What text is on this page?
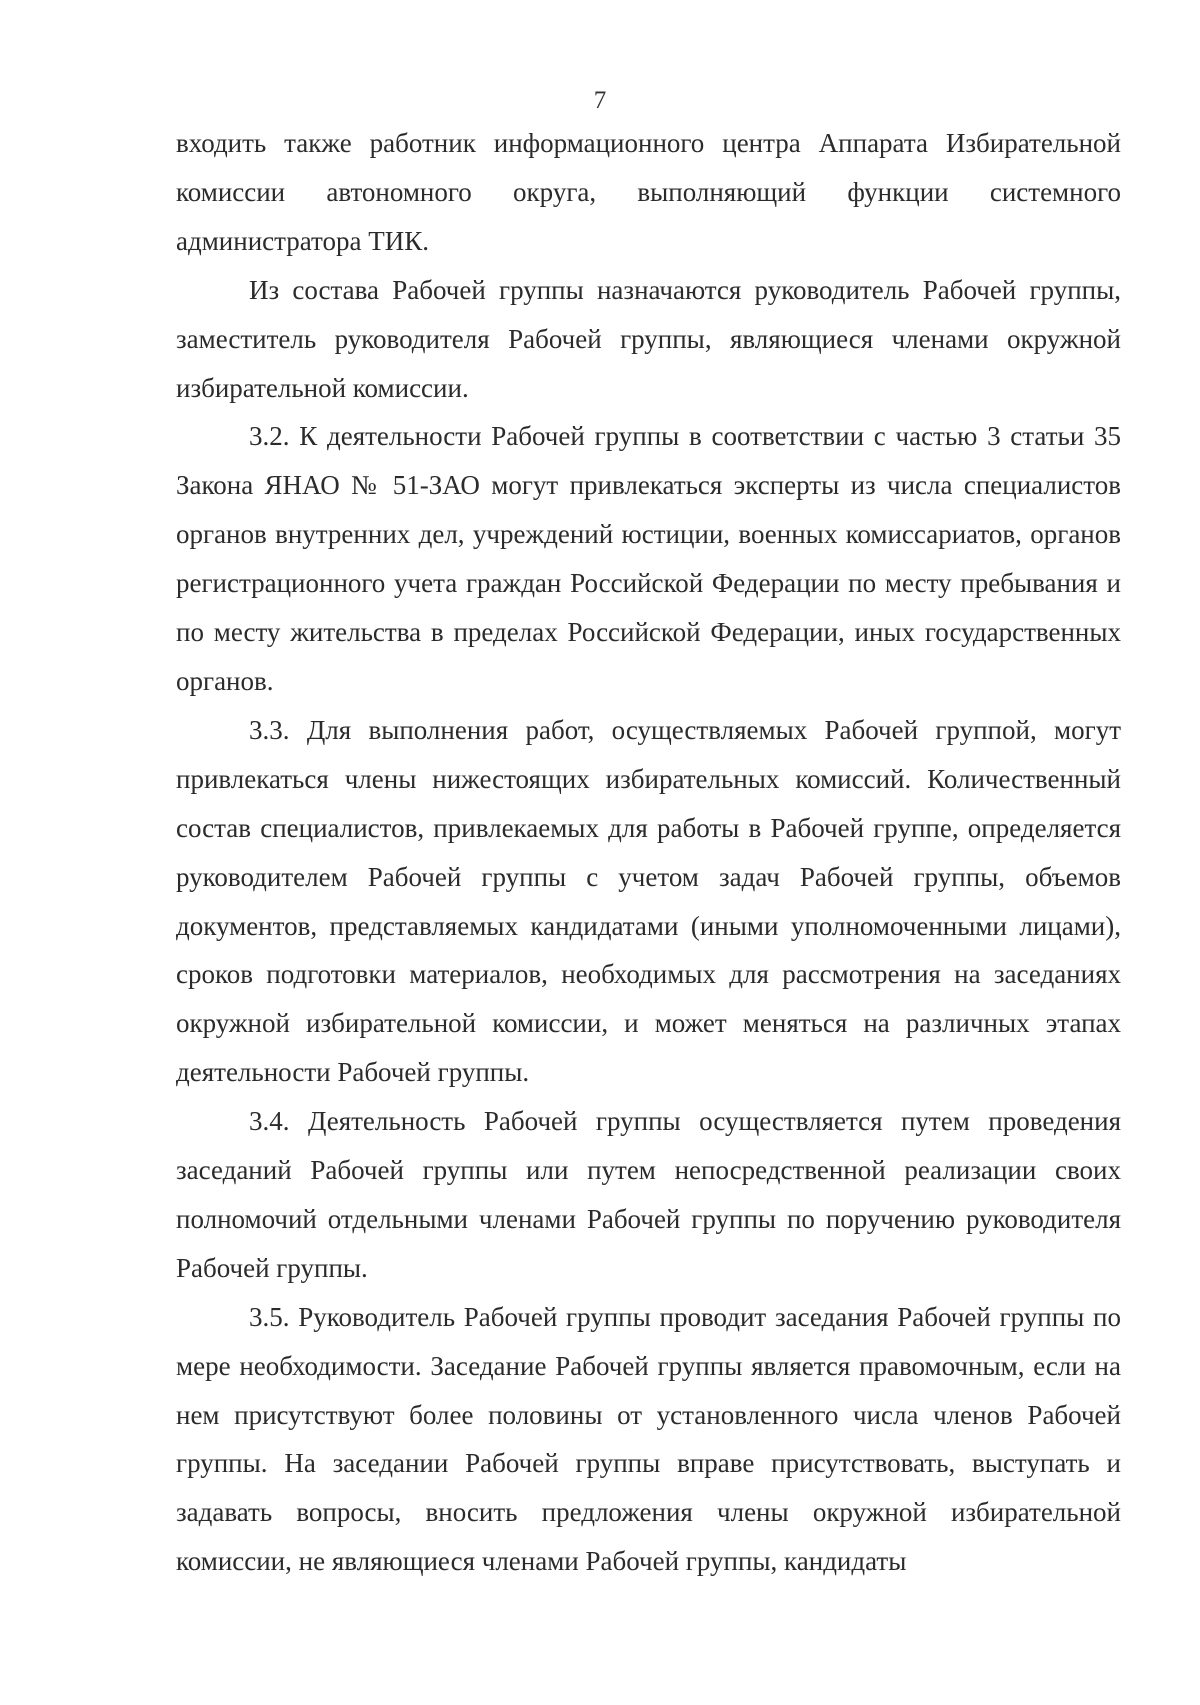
7

входить также работник информационного центра Аппарата Избирательной комиссии автономного округа, выполняющий функции системного администратора ТИК.

Из состава Рабочей группы назначаются руководитель Рабочей группы, заместитель руководителя Рабочей группы, являющиеся членами окружной избирательной комиссии.

3.2. К деятельности Рабочей группы в соответствии с частью 3 статьи 35 Закона ЯНАО № 51-ЗАО могут привлекаться эксперты из числа специалистов органов внутренних дел, учреждений юстиции, военных комиссариатов, органов регистрационного учета граждан Российской Федерации по месту пребывания и по месту жительства в пределах Российской Федерации, иных государственных органов.

3.3. Для выполнения работ, осуществляемых Рабочей группой, могут привлекаться члены нижестоящих избирательных комиссий. Количественный состав специалистов, привлекаемых для работы в Рабочей группе, определяется руководителем Рабочей группы с учетом задач Рабочей группы, объемов документов, представляемых кандидатами (иными уполномоченными лицами), сроков подготовки материалов, необходимых для рассмотрения на заседаниях окружной избирательной комиссии, и может меняться на различных этапах деятельности Рабочей группы.

3.4. Деятельность Рабочей группы осуществляется путем проведения заседаний Рабочей группы или путем непосредственной реализации своих полномочий отдельными членами Рабочей группы по поручению руководителя Рабочей группы.

3.5. Руководитель Рабочей группы проводит заседания Рабочей группы по мере необходимости. Заседание Рабочей группы является правомочным, если на нем присутствуют более половины от установленного числа членов Рабочей группы. На заседании Рабочей группы вправе присутствовать, выступать и задавать вопросы, вносить предложения члены окружной избирательной комиссии, не являющиеся членами Рабочей группы, кандидаты
